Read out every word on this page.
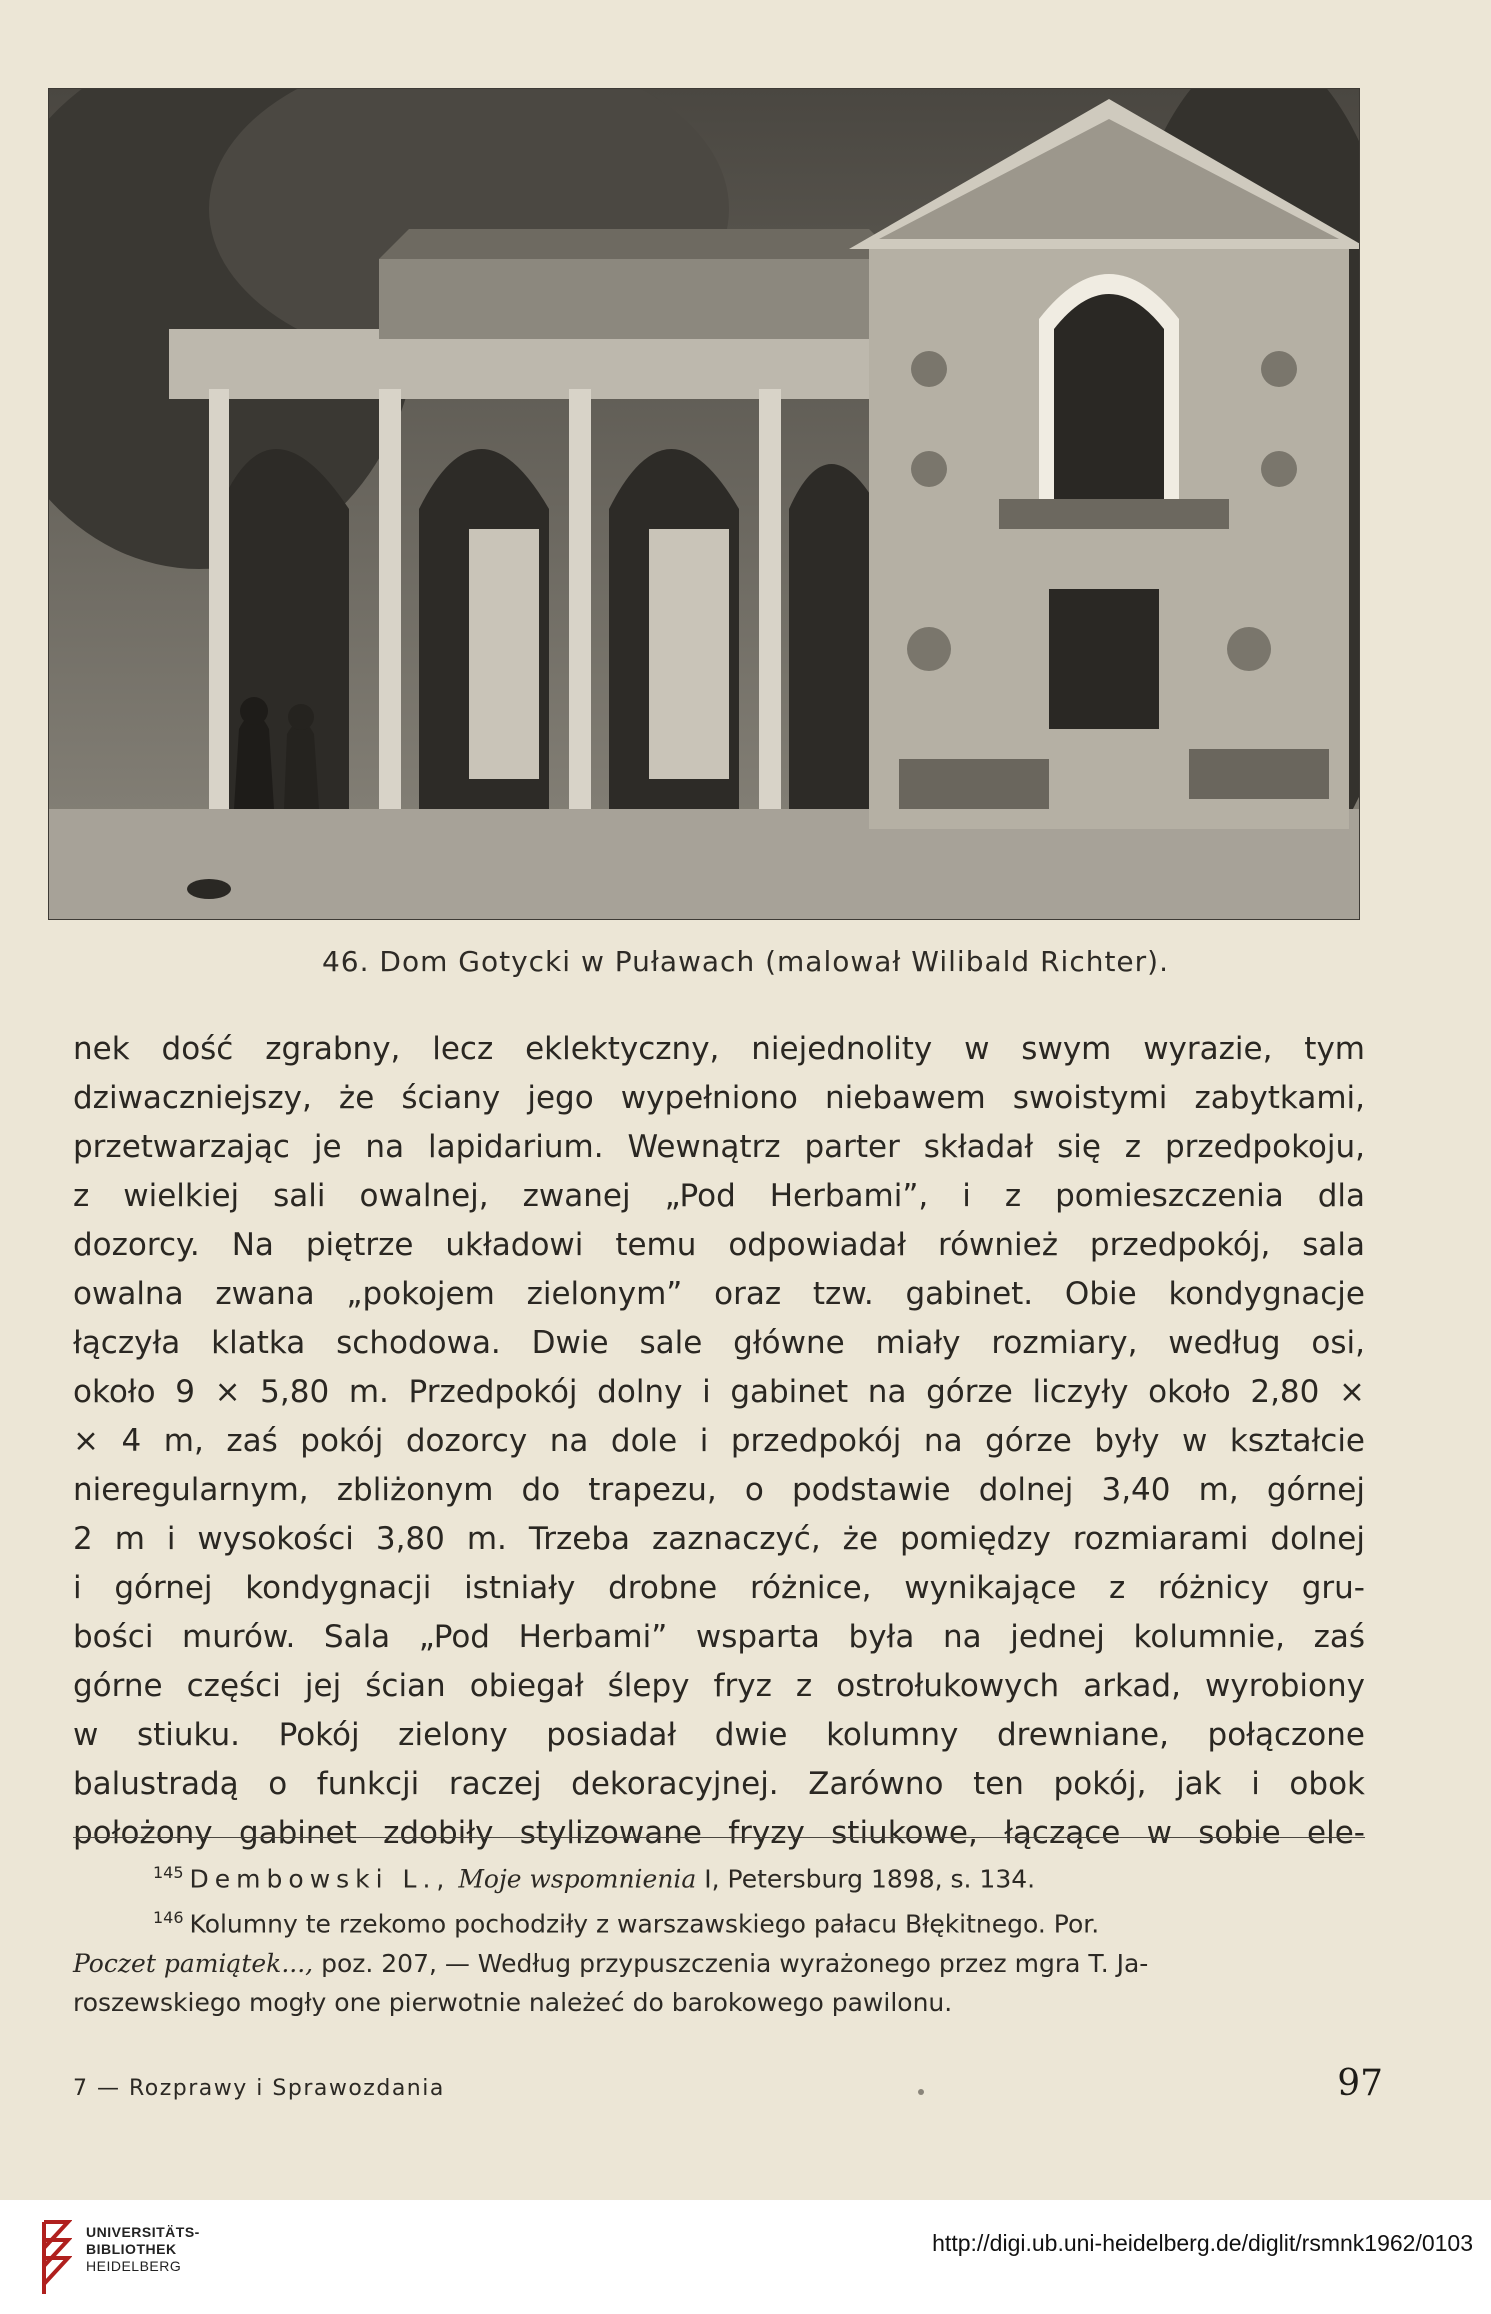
46. Dom Gotycki w Puławach (malował Wilibald Richter).
nek dość zgrabny, lecz eklektyczny, niejednolity w swym wyrazie, tym
dziwaczniejszy, że ściany jego wypełniono niebawem swoistymi zabytkami,
przetwarzając je na lapidarium. Wewnątrz parter składał się z przedpokoju,
z wielkiej sali owalnej, zwanej „Pod Herbami”, i z pomieszczenia dla
dozorcy. Na piętrze układowi temu odpowiadał również przedpokój, sala
owalna zwana „pokojem zielonym” oraz tzw. gabinet. Obie kondygnacje
łączyła klatka schodowa. Dwie sale główne miały rozmiary, według osi,
około 9 × 5,80 m. Przedpokój dolny i gabinet na górze liczyły około 2,80 ×
× 4 m, zaś pokój dozorcy na dole i przedpokój na górze były w kształcie
nieregularnym, zbliżonym do trapezu, o podstawie dolnej 3,40 m, górnej
2 m i wysokości 3,80 m. Trzeba zaznaczyć, że pomiędzy rozmiarami dolnej
i górnej kondygnacji istniały drobne różnice, wynikające z różnicy gru-
bości murów. Sala „Pod Herbami” wsparta była na jednej kolumnie, zaś
górne części jej ścian obiegał ślepy fryz z ostrołukowych arkad, wyrobiony
w stiuku. Pokój zielony posiadał dwie kolumny drewniane, połączone
balustradą o funkcji raczej dekoracyjnej. Zarówno ten pokój, jak i obok
położony gabinet zdobiły stylizowane fryzy stiukowe, łączące w sobie ele-
$^{145}$ Dembowski L., Moje wspomnienia I, Petersburg 1898, s. 134.
$^{146}$ Kolumny te rzekomo pochodziły z warszawskiego pałacu Błękitnego. Por.
Poczet pamiątek..., poz. 207, — Według przypuszczenia wyrażonego przez mgra T. Ja-
roszewskiego mogły one pierwotnie należeć do barokowego pawilonu.
7 — Rozprawy i Sprawozdania	97
UNIVERSITÄTS-
BIBLIOTHEK
HEIDELBERG
http://digi.ub.uni-heidelberg.de/diglit/rsmnk1962/0103
